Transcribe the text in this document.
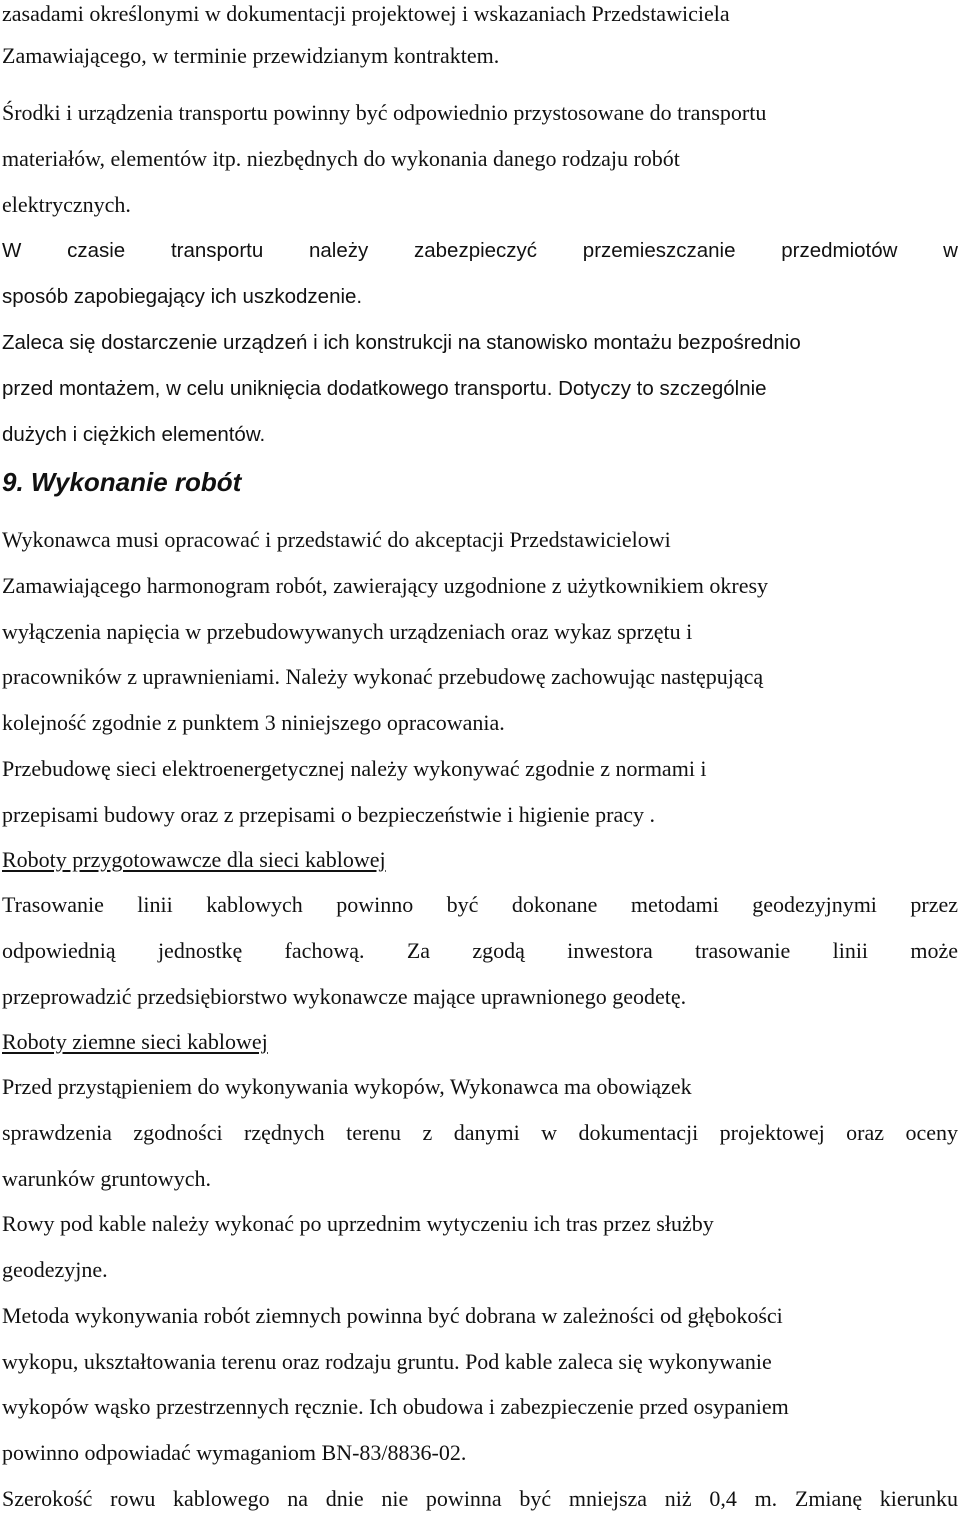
zasadami określonymi w dokumentacji projektowej i wskazaniach Przedstawiciela
Zamawiającego, w terminie przewidzianym kontraktem.
Środki i urządzenia transportu powinny być odpowiednio przystosowane do transportu
materiałów, elementów itp. niezbędnych do wykonania danego rodzaju robót
elektrycznych.
W czasie transportu należy zabezpieczyć przemieszczanie przedmiotów w
sposób zapobiegający ich uszkodzenie.
Zaleca się dostarczenie urządzeń i ich konstrukcji na stanowisko montażu bezpośrednio
przed montażem, w celu uniknięcia dodatkowego transportu. Dotyczy to szczególnie
dużych i ciężkich elementów.
9. Wykonanie robót
Wykonawca musi opracować i przedstawić do akceptacji Przedstawicielowi
Zamawiającego harmonogram robót, zawierający uzgodnione z użytkownikiem okresy
wyłączenia napięcia w przebudowywanych urządzeniach oraz wykaz sprzętu i
pracowników z uprawnieniami. Należy wykonać przebudowę zachowując następującą
kolejność zgodnie z punktem 3 niniejszego opracowania.
Przebudowę sieci elektroenergetycznej należy wykonywać zgodnie z normami i
przepisami budowy oraz z przepisami o bezpieczeństwie i higienie pracy .
Roboty przygotowawcze dla sieci kablowej
Trasowanie linii kablowych powinno być dokonane metodami geodezyjnymi przez
odpowiednią jednostkę fachową. Za zgodą inwestora trasowanie linii może
przeprowadzić przedsiębiorstwo wykonawcze mające uprawnionego geodetę.
Roboty ziemne sieci kablowej
Przed przystąpieniem do wykonywania wykopów, Wykonawca ma obowiązek
sprawdzenia zgodności rzędnych terenu z danymi w dokumentacji projektowej oraz oceny
warunków gruntowych.
Rowy pod kable należy wykonać po uprzednim wytyczeniu ich tras przez służby
geodezyjne.
Metoda wykonywania robót ziemnych powinna być dobrana w zależności od głębokości
wykopu, ukształtowania terenu oraz rodzaju gruntu. Pod kable zaleca się wykonywanie
wykopów wąsko przestrzennych ręcznie. Ich obudowa i zabezpieczenie przed osypaniem
powinno odpowiadać wymaganiom BN-83/8836-02.
Szerokość rowu kablowego na dnie nie powinna być mniejsza niż 0,4 m. Zmianę kierunku
